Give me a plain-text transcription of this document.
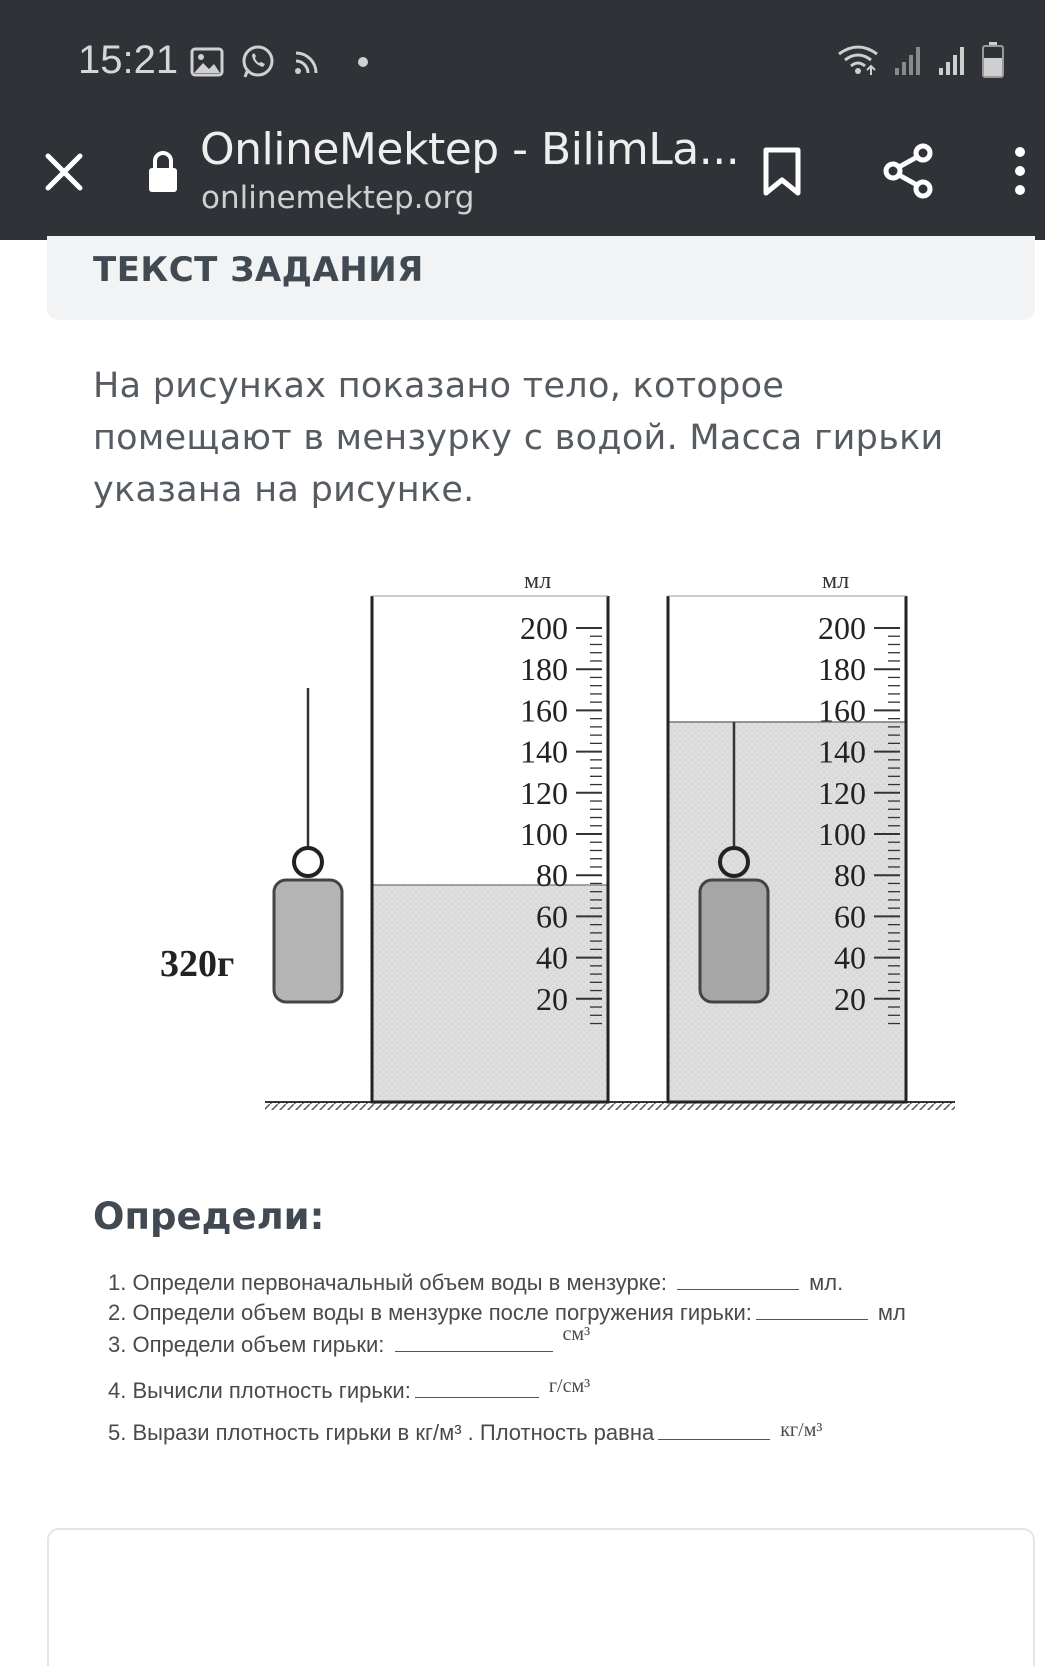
15:21
OnlineMektep - BilimLa...
onlinemektep.org
ТЕКСТ ЗАДАНИЯ
На рисунках показано тело, которое помещают в мензурку с водой. Масса гирьки указана на рисунке.
мл
200
180
160
140
120
100
80
60
40
20
320г
мл
200
180
160
140
120
100
80
60
40
20
Определи:
1. Определи первоначальный объем воды в мензурке:	мл.
2. Определи объем воды в мензурке после погружения гирьки:	мл
3. Определи объем гирьки:	см³
4. Вычисли плотность гирьки:	г/см³
5. Вырази плотность гирьки в кг/м³ . Плотность равна	кг/м³
